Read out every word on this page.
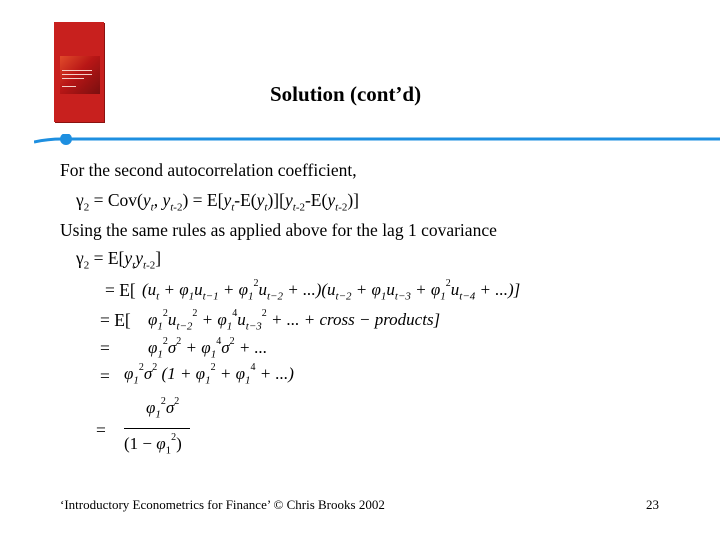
Solution (cont’d)
For the second autocorrelation coefficient,
$\gamma_2 = Cov(y_t$, $y_{t-2}) = E[y_t-E(y_t)][y_{t-2}-E(y_{t-2})]$
Using the same rules as applied above for the lag 1 covariance
$\gamma_2 = E[y_ty_{t-2}]$
= E[ $(u_t + \varphi_1u_{t-1} + \varphi_1^2u_{t-2} + ...)(u_{t-2} + \varphi_1u_{t-3} + \varphi_1^2u_{t-4}$ + ...)]
= E[ $\varphi_1^2u_{t-2}^2 + \varphi_1^4u_{t-3}^2$ + ... + cross − products]
= $\varphi_1^2\sigma^2 + \varphi_1^4\sigma^2$ + ...
= $\varphi_1^2\sigma^2$ ($1 + \varphi_1^2 + \varphi_1^4$ + ...)
=
$\varphi_1^2\sigma^2$
$(1 - \varphi_1^2)$
‘Introductory Econometrics for Finance’ © Chris Brooks 2002	23
